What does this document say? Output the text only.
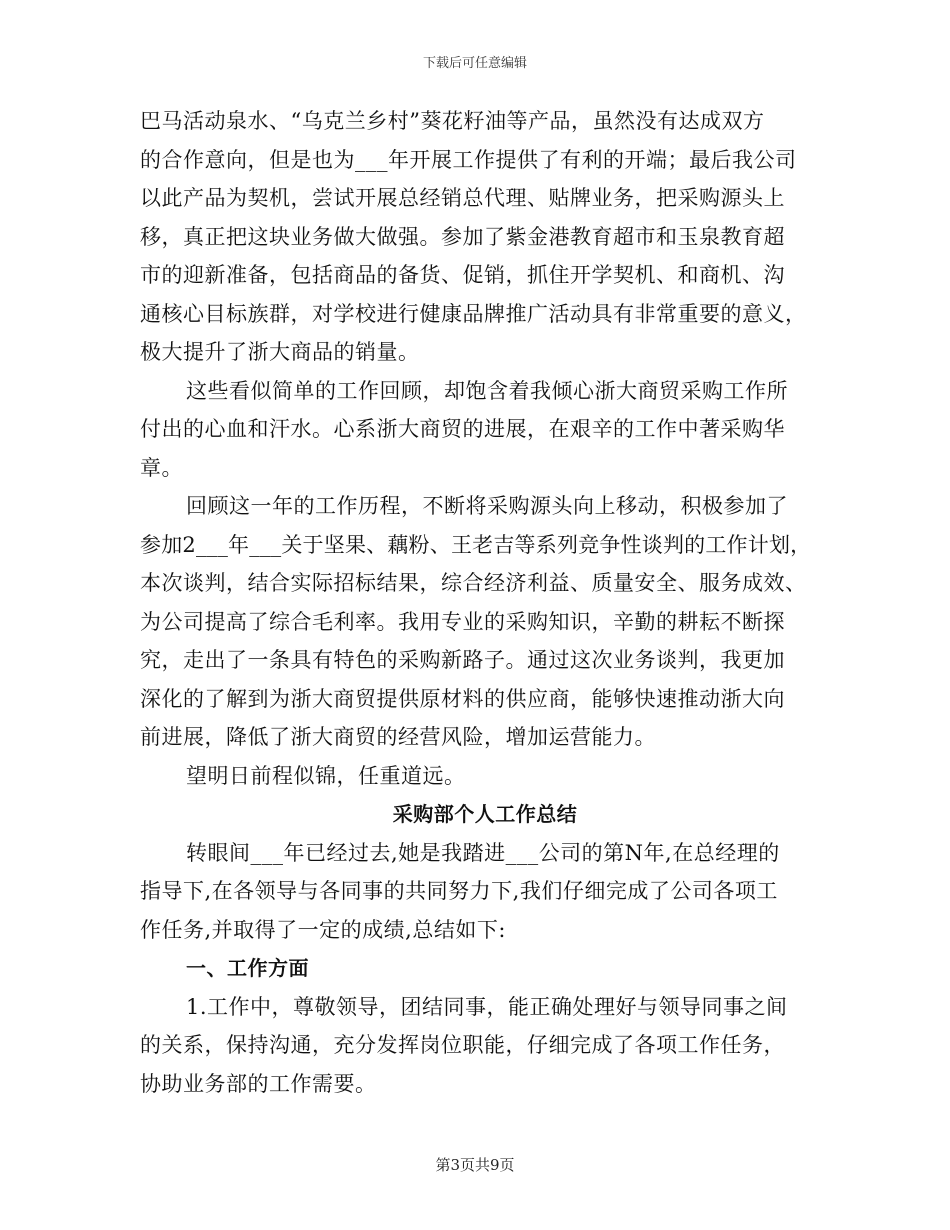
下载后可任意编辑
巴马活动泉水、“乌克兰乡村”葵花籽油等产品，虽然没有达成双方
的合作意向，但是也为___年开展工作提供了有利的开端；最后我公司
以此产品为契机，尝试开展总经销总代理、贴牌业务，把采购源头上
移，真正把这块业务做大做强。参加了紫金港教育超市和玉泉教育超
市的迎新准备，包括商品的备货、促销，抓住开学契机、和商机、沟
通核心目标族群，对学校进行健康品牌推广活动具有非常重要的意义，
极大提升了浙大商品的销量。
这些看似简单的工作回顾，却饱含着我倾心浙大商贸采购工作所
付出的心血和汗水。心系浙大商贸的进展，在艰辛的工作中著采购华
章。
回顾这一年的工作历程，不断将采购源头向上移动，积极参加了
参加2___年___关于坚果、藕粉、王老吉等系列竞争性谈判的工作计划，
本次谈判，结合实际招标结果，综合经济利益、质量安全、服务成效、
为公司提高了综合毛利率。我用专业的采购知识，辛勤的耕耘不断探
究，走出了一条具有特色的采购新路子。通过这次业务谈判，我更加
深化的了解到为浙大商贸提供原材料的供应商，能够快速推动浙大向
前进展，降低了浙大商贸的经营风险，增加运营能力。
望明日前程似锦，任重道远。
采购部个人工作总结
转眼间___年已经过去,她是我踏进___公司的第N年,在总经理的
指导下,在各领导与各同事的共同努力下,我们仔细完成了公司各项工
作任务,并取得了一定的成绩,总结如下:
一、工作方面
1.工作中，尊敬领导，团结同事，能正确处理好与领导同事之间
的关系，保持沟通，充分发挥岗位职能，仔细完成了各项工作任务，
协助业务部的工作需要。
第3页共9页
